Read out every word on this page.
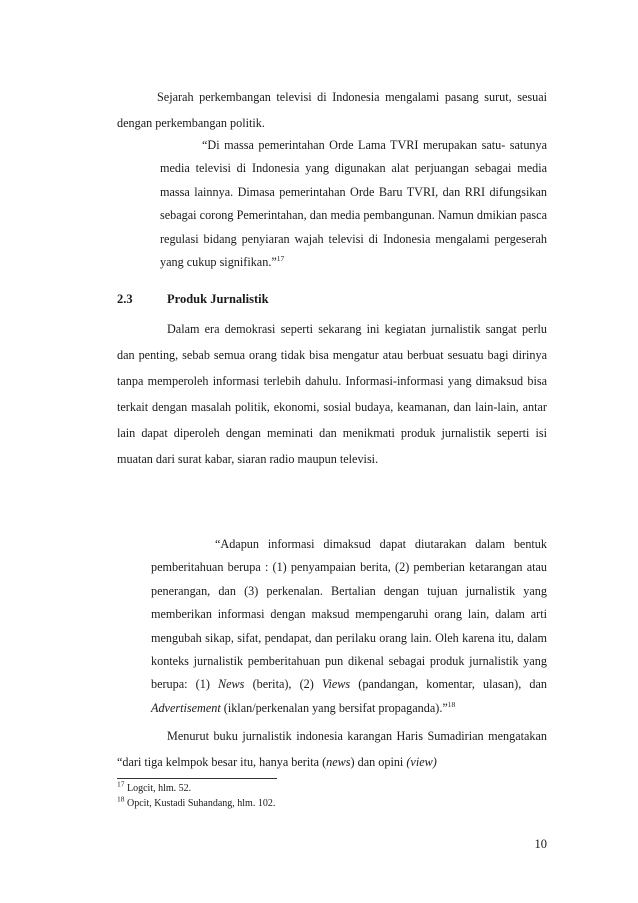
Sejarah perkembangan televisi di Indonesia mengalami pasang surut, sesuai dengan perkembangan politik.

“Di massa pemerintahan Orde Lama TVRI merupakan satu- satunya media televisi di Indonesia yang digunakan alat perjuangan sebagai media massa lainnya. Dimasa pemerintahan Orde Baru TVRI, dan RRI difungsikan sebagai corong Pemerintahan, dan media pembangunan. Namun dmikian pasca regulasi bidang penyiaran wajah televisi di Indonesia mengalami pergeserah yang cukup signifikan.”$^{17}$

2.3	Produk Jurnalistik

Dalam era demokrasi seperti sekarang ini kegiatan jurnalistik sangat perlu dan penting, sebab semua orang tidak bisa mengatur atau berbuat sesuatu bagi dirinya tanpa memperoleh informasi terlebih dahulu. Informasi-informasi yang dimaksud bisa terkait dengan masalah politik, ekonomi, sosial budaya, keamanan, dan lain-lain, antar lain dapat diperoleh dengan meminati dan menikmati produk jurnalistik seperti isi muatan dari surat kabar, siaran radio maupun televisi.

“Adapun informasi dimaksud dapat diutarakan dalam bentuk pemberitahuan berupa : (1) penyampaian berita, (2) pemberian ketarangan atau penerangan, dan (3) perkenalan. Bertalian dengan tujuan jurnalistik yang memberikan informasi dengan maksud mempengaruhi orang lain, dalam arti mengubah sikap, sifat, pendapat, dan perilaku orang lain. Oleh karena itu, dalam konteks jurnalistik pemberitahuan pun dikenal sebagai produk jurnalistik yang berupa: (1) News (berita), (2) Views (pandangan, komentar, ulasan), dan Advertisement (iklan/perkenalan yang bersifat propaganda).”$^{18}$

Menurut buku jurnalistik indonesia karangan Haris Sumadirian mengatakan “dari tiga kelmpok besar itu, hanya berita (news) dan opini (view)

$^{17}$ Logcit, hlm. 52.
$^{18}$ Opcit, Kustadi Suhandang, hlm. 102.
10
